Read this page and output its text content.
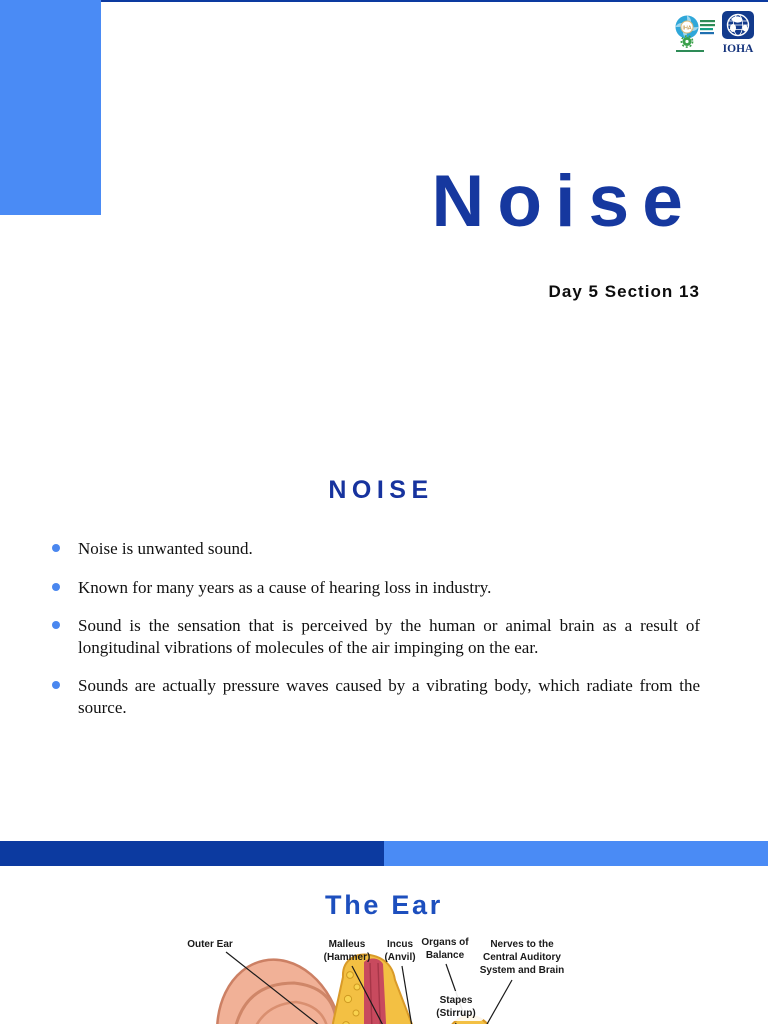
IHA
IOHA
Noise
Day 5 Section 13
NOISE
Noise is unwanted sound.
Known for many years as a cause of hearing loss in industry.
Sound is the sensation that is perceived by the human or animal brain as a result of longitudinal vibrations of molecules of the air impinging on the ear.
Sounds are actually pressure waves caused by a vibrating body, which radiate from the source.
The Ear
Outer Ear	Malleus
(Hammer)
Incus
(Anvil)
Organs of
Balance
Nerves to the
Central Auditory
System and Brain
Stapes
(Stirrup)
